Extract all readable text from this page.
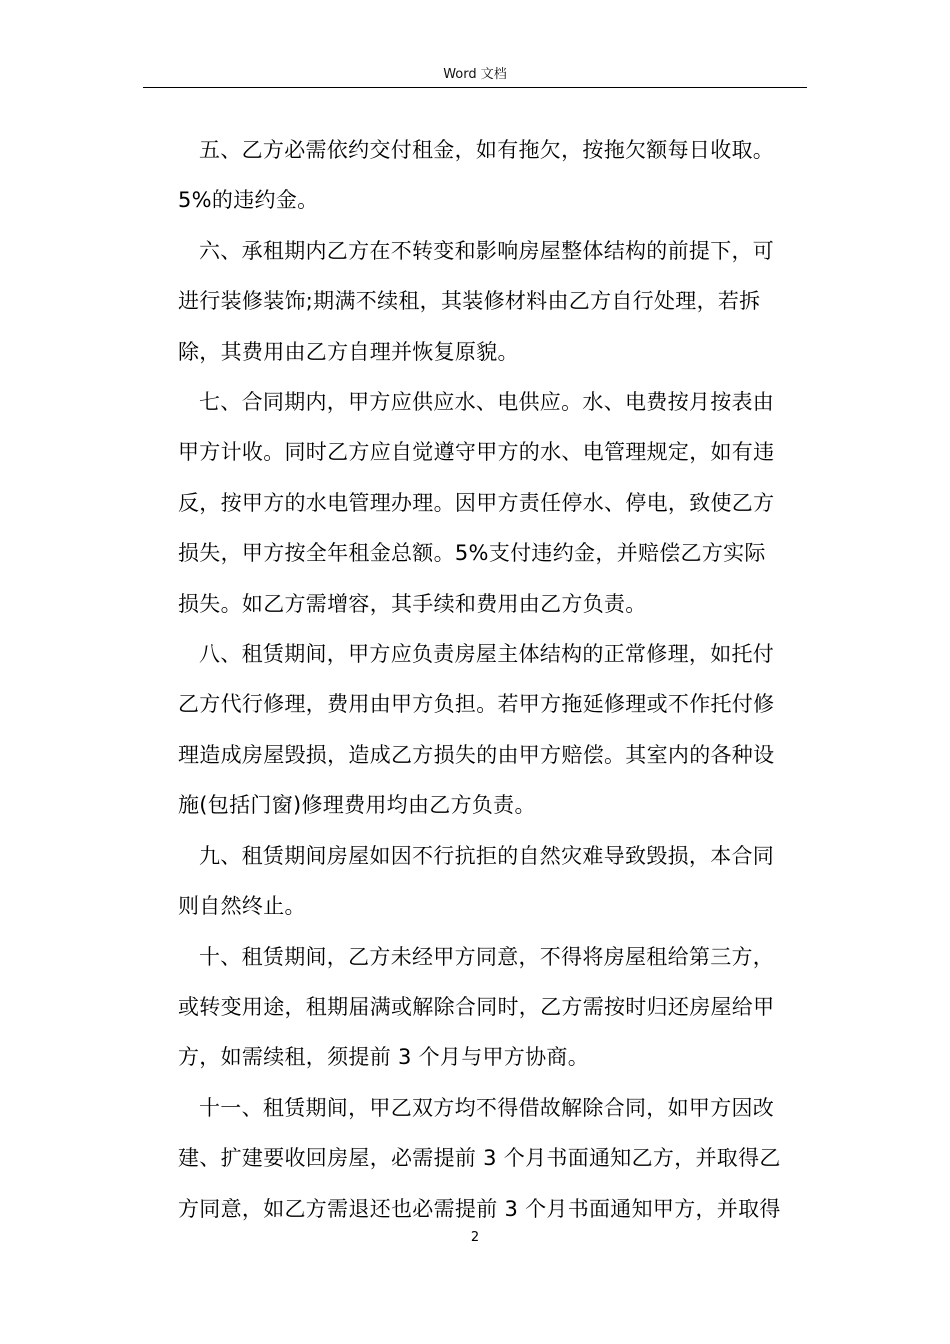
Word 文档
五、乙方必需依约交付租金，如有拖欠，按拖欠额每日收取。
5%的违约金。
六、承租期内乙方在不转变和影响房屋整体结构的前提下，可
进行装修装饰;期满不续租，其装修材料由乙方自行处理，若拆
除，其费用由乙方自理并恢复原貌。
七、合同期内，甲方应供应水、电供应。水、电费按月按表由
甲方计收。同时乙方应自觉遵守甲方的水、电管理规定，如有违
反，按甲方的水电管理办理。因甲方责任停水、停电，致使乙方
损失，甲方按全年租金总额。5%支付违约金，并赔偿乙方实际
损失。如乙方需增容，其手续和费用由乙方负责。
八、租赁期间，甲方应负责房屋主体结构的正常修理，如托付
乙方代行修理，费用由甲方负担。若甲方拖延修理或不作托付修
理造成房屋毁损，造成乙方损失的由甲方赔偿。其室内的各种设
施(包括门窗)修理费用均由乙方负责。
九、租赁期间房屋如因不行抗拒的自然灾难导致毁损，本合同
则自然终止。
十、租赁期间，乙方未经甲方同意，不得将房屋租给第三方，
或转变用途，租期届满或解除合同时，乙方需按时归还房屋给甲
方，如需续租，须提前 3 个月与甲方协商。
十一、租赁期间，甲乙双方均不得借故解除合同，如甲方因改
建、扩建要收回房屋，必需提前 3 个月书面通知乙方，并取得乙
方同意，如乙方需退还也必需提前 3 个月书面通知甲方，并取得
2
